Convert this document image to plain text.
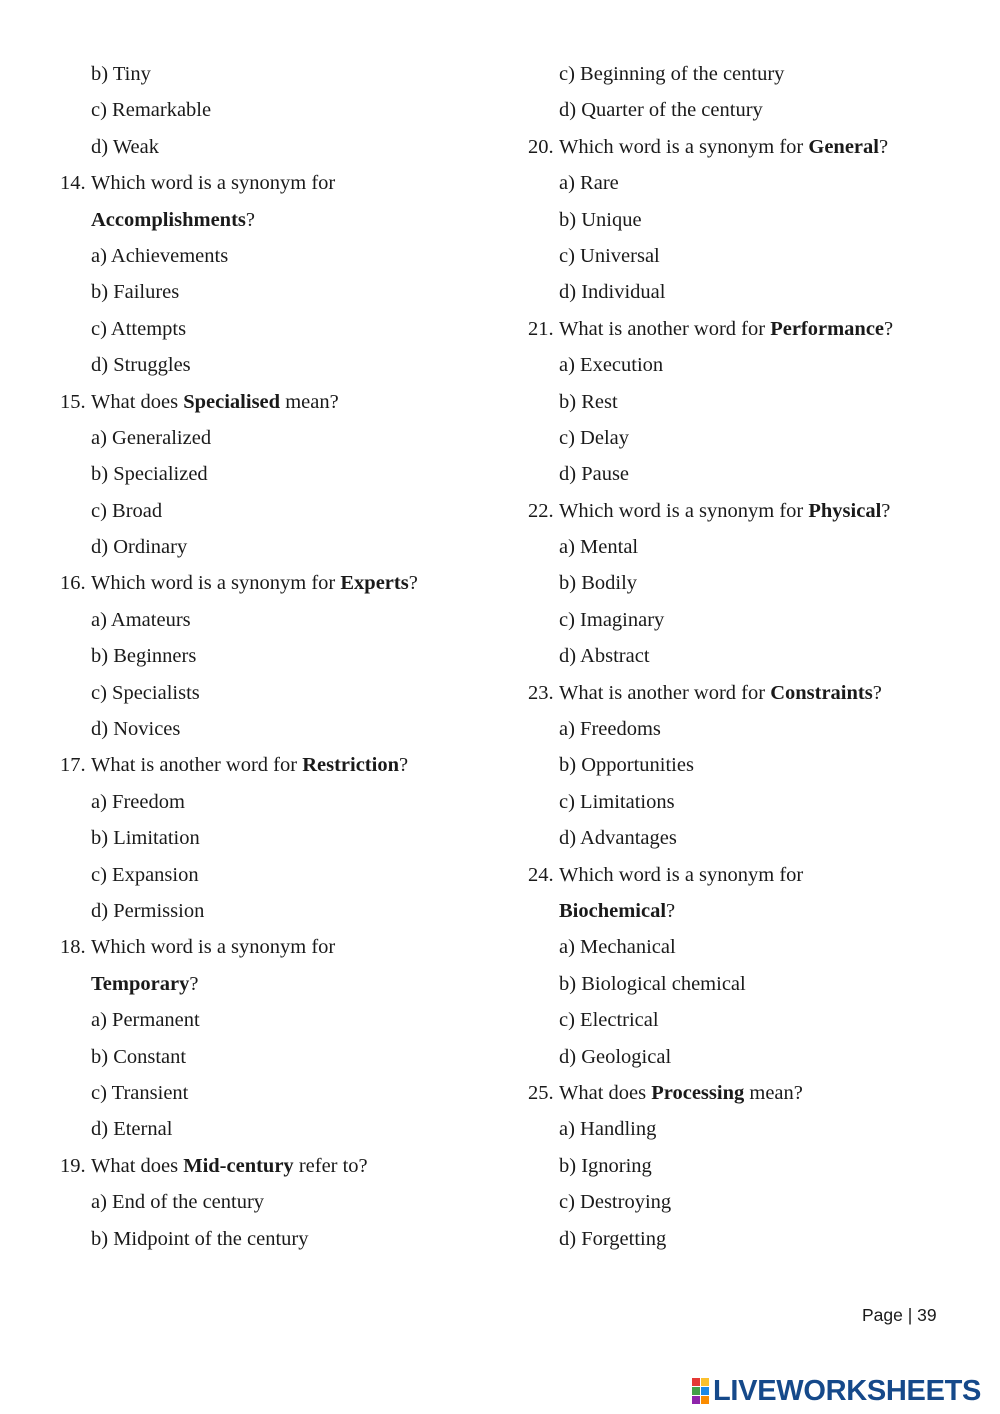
b) Tiny
c) Remarkable
d) Weak
14. Which word is a synonym for
Accomplishments?
a) Achievements
b) Failures
c) Attempts
d) Struggles
15. What does Specialised mean?
a) Generalized
b) Specialized
c) Broad
d) Ordinary
16. Which word is a synonym for Experts?
a) Amateurs
b) Beginners
c) Specialists
d) Novices
17. What is another word for Restriction?
a) Freedom
b) Limitation
c) Expansion
d) Permission
18. Which word is a synonym for
Temporary?
a) Permanent
b) Constant
c) Transient
d) Eternal
19. What does Mid-century refer to?
a) End of the century
b) Midpoint of the century
c) Beginning of the century
d) Quarter of the century
20. Which word is a synonym for General?
a) Rare
b) Unique
c) Universal
d) Individual
21. What is another word for Performance?
a) Execution
b) Rest
c) Delay
d) Pause
22. Which word is a synonym for Physical?
a) Mental
b) Bodily
c) Imaginary
d) Abstract
23. What is another word for Constraints?
a) Freedoms
b) Opportunities
c) Limitations
d) Advantages
24. Which word is a synonym for
Biochemical?
a) Mechanical
b) Biological chemical
c) Electrical
d) Geological
25. What does Processing mean?
a) Handling
b) Ignoring
c) Destroying
d) Forgetting
Page | 39
LIVEWORKSHEETS
